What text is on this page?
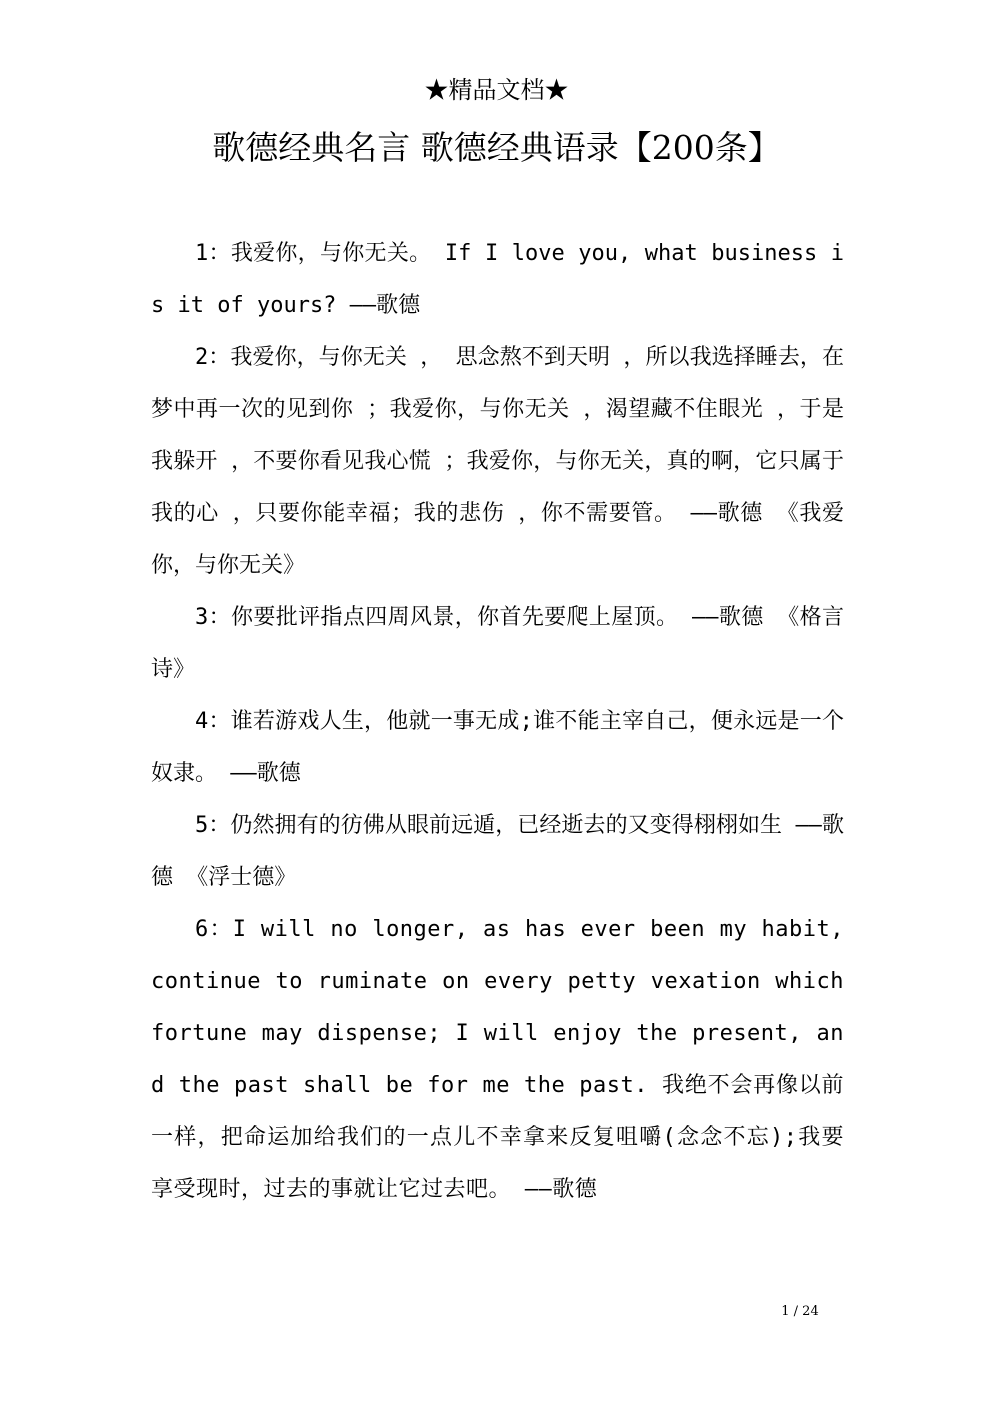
★精品文档★
歌德经典名言 歌德经典语录【200条】

1：我爱你，与你无关。 If I love you, what business is it of yours? ——歌德

2：我爱你，与你无关 ， 思念熬不到天明 ，所以我选择睡去，在梦中再一次的见到你 ；我爱你，与你无关 ，渴望藏不住眼光 ，于是我躲开 ，不要你看见我心慌 ；我爱你，与你无关，真的啊，它只属于我的心 ，只要你能幸福；我的悲伤 ，你不需要管。 ——歌德 《我爱你，与你无关》

3：你要批评指点四周风景，你首先要爬上屋顶。 ——歌德 《格言诗》

4：谁若游戏人生，他就一事无成;谁不能主宰自己，便永远是一个奴隶。 ——歌德

5：仍然拥有的彷佛从眼前远遁，已经逝去的又变得栩栩如生 ——歌德 《浮士德》

6：I will no longer, as has ever been my habit, continue to ruminate on every petty vexation which fortune may dispense; I will enjoy the present, and the past shall be for me the past. 我绝不会再像以前一样，把命运加给我们的一点儿不幸拿来反复咀嚼(念念不忘);我要享受现时，过去的事就让它过去吧。 ——歌德

1 / 24
